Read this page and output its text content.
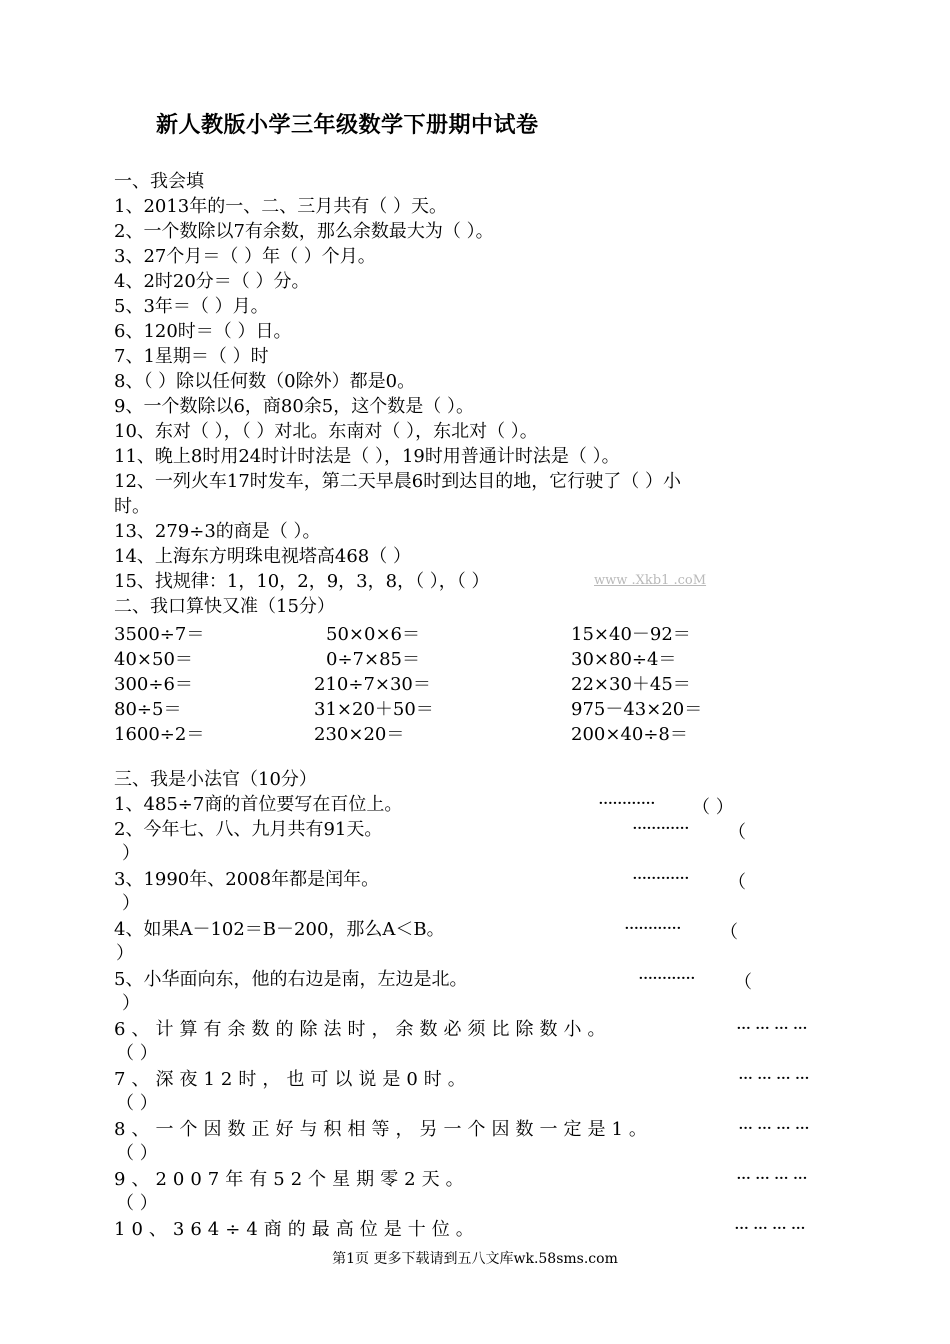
新人教版小学三年级数学下册期中试卷
一、我会填
1、2013年的一、二、三月共有（ ）天。
2、一个数除以7有余数，那么余数最大为（ ）。
3、27个月＝（ ）年（ ）个月。
4、2时20分＝（ ）分。
5、3年＝（ ）月。
6、120时＝（ ）日。
7、1星期＝（ ）时
8、（ ）除以任何数（0除外）都是0。
9、一个数除以6，商80余5，这个数是（ ）。
10、东对（ ），（ ）对北。东南对（ ），东北对（ ）。
11、晚上8时用24时计时法是（ ），19时用普通计时法是（ ）。
12、一列火车17时发车，第二天早晨6时到达目的地，它行驶了（ ）小
时。
13、279÷3的商是（ ）。
14、上海东方明珠电视塔高468（ ）
15、找规律：1，10，2，9，3，8，（ ），（ ）	www .Xkb1 .coM
二、我口算快又准（15分）
3500÷7＝	50×0×6＝	15×40－92＝
40×50＝	0÷7×85＝	30×80÷4＝
300÷6＝	210÷7×30＝	22×30＋45＝
80÷5＝	31×20＋50＝	975－43×20＝
1600÷2＝	230×20＝	200×40÷8＝
三、我是小法官（10分）
1、485÷7商的首位要写在百位上。	············ （ ）
2、今年七、八、九月共有91天。	············ （
）
3、1990年、2008年都是闰年。	············ （
）
4、如果A－102＝B－200，那么A＜B。	············ （
）
5、小华面向东，他的右边是南，左边是北。	············ （
）
6、计算有余数的除法时，余数必须比除数小。	··· ··· ··· ···
（ ）
7、深夜12时，也可以说是0时。	··· ··· ··· ···
（ ）
8、一个因数正好与积相等，另一个因数一定是1。	··· ··· ··· ···
（ ）
9、2007年有52个星期零2天。	··· ··· ··· ···
（ ）
10、364÷4商的最高位是十位。	··· ··· ··· ···
第1页 更多下载请到五八文库wk.58sms.com
